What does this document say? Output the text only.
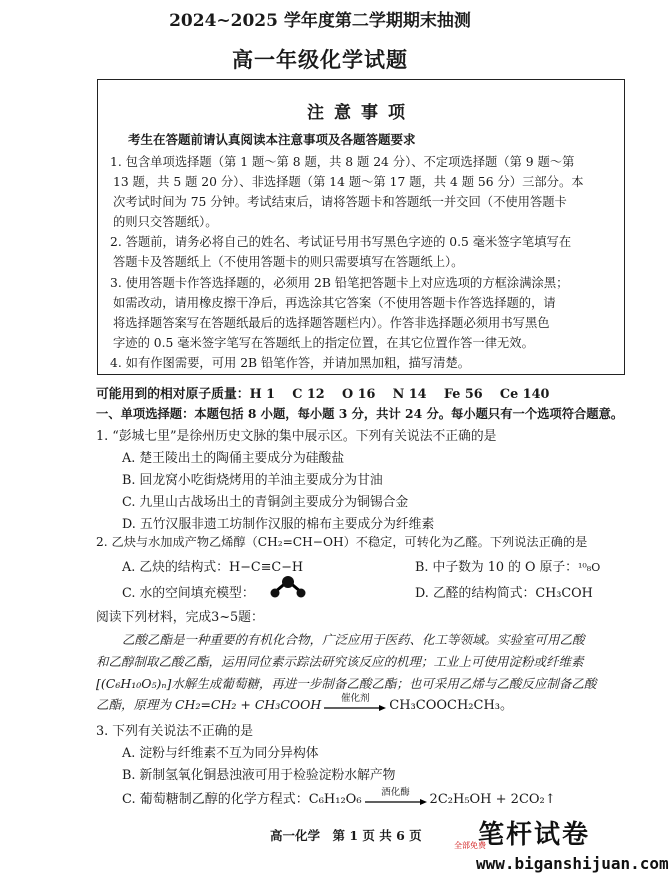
2024~2025 学年度第二学期期末抽测
高一年级化学试题
注意事项
考生在答题前请认真阅读本注意事项及各题答题要求
1. 包含单项选择题（第 1 题～第 8 题，共 8 题 24 分）、不定项选择题（第 9 题～第
13 题，共 5 题 20 分）、非选择题（第 14 题～第 17 题，共 4 题 56 分）三部分。本
次考试时间为 75 分钟。考试结束后，请将答题卡和答题纸一并交回（不使用答题卡
的则只交答题纸）。
2. 答题前，请务必将自己的姓名、考试证号用书写黑色字迹的 0.5 毫米签字笔填写在
答题卡及答题纸上（不使用答题卡的则只需要填写在答题纸上）。
3. 使用答题卡作答选择题的，必须用 2B 铅笔把答题卡上对应选项的方框涂满涂黑；
如需改动，请用橡皮擦干净后，再选涂其它答案（不使用答题卡作答选择题的，请
将选择题答案写在答题纸最后的选择题答题栏内）。作答非选择题必须用书写黑色
字迹的 0.5 毫米签字笔写在答题纸上的指定位置，在其它位置作答一律无效。
4. 如有作图需要，可用 2B 铅笔作答，并请加黑加粗，描写清楚。
可能用到的相对原子质量：H 1　 C 12　 O 16　 N 14　 Fe 56　 Ce 140
一、单项选择题：本题包括 8 小题，每小题 3 分，共计 24 分。每小题只有一个选项符合题意。
1. “彭城七里”是徐州历史文脉的集中展示区。下列有关说法不正确的是
A. 楚王陵出土的陶俑主要成分为硅酸盐
B. 回龙窝小吃街烧烤用的羊油主要成分为甘油
C. 九里山古战场出土的青铜剑主要成分为铜锡合金
D. 五竹汉服非遗工坊制作汉服的棉布主要成分为纤维素
2. 乙炔与水加成产物乙烯醇（CH₂=CH−OH）不稳定，可转化为乙醛。下列说法正确的是
A. 乙炔的结构式：H−C≡C−H	B. 中子数为 10 的 O 原子：¹⁰₈O
C. 水的空间填充模型：	D. 乙醛的结构简式：CH₃COH
阅读下列材料，完成3~5题：
乙酸乙酯是一种重要的有机化合物，广泛应用于医药、化工等领域。实验室可用乙酸
和乙醇制取乙酸乙酯，运用同位素示踪法研究该反应的机理；工业上可使用淀粉或纤维素
[(C₆H₁₀O₅)ₙ]水解生成葡萄糖，再进一步制备乙酸乙酯；也可采用乙烯与乙酸反应制备乙酸
乙酯，原理为 CH₂=CH₂ + CH₃COOH	催化剂	CH₃COOCH₂CH₃。
3. 下列有关说法不正确的是
A. 淀粉与纤维素不互为同分异构体
B. 新制氢氧化铜悬浊液可用于检验淀粉水解产物
C. 葡萄糖制乙醇的化学方程式：C₆H₁₂O₆	酒化酶	2C₂H₅OH + 2CO₂↑
高一化学　第 1 页 共 6 页 笔杆试卷
全部免费
www.biganshijuan.com
